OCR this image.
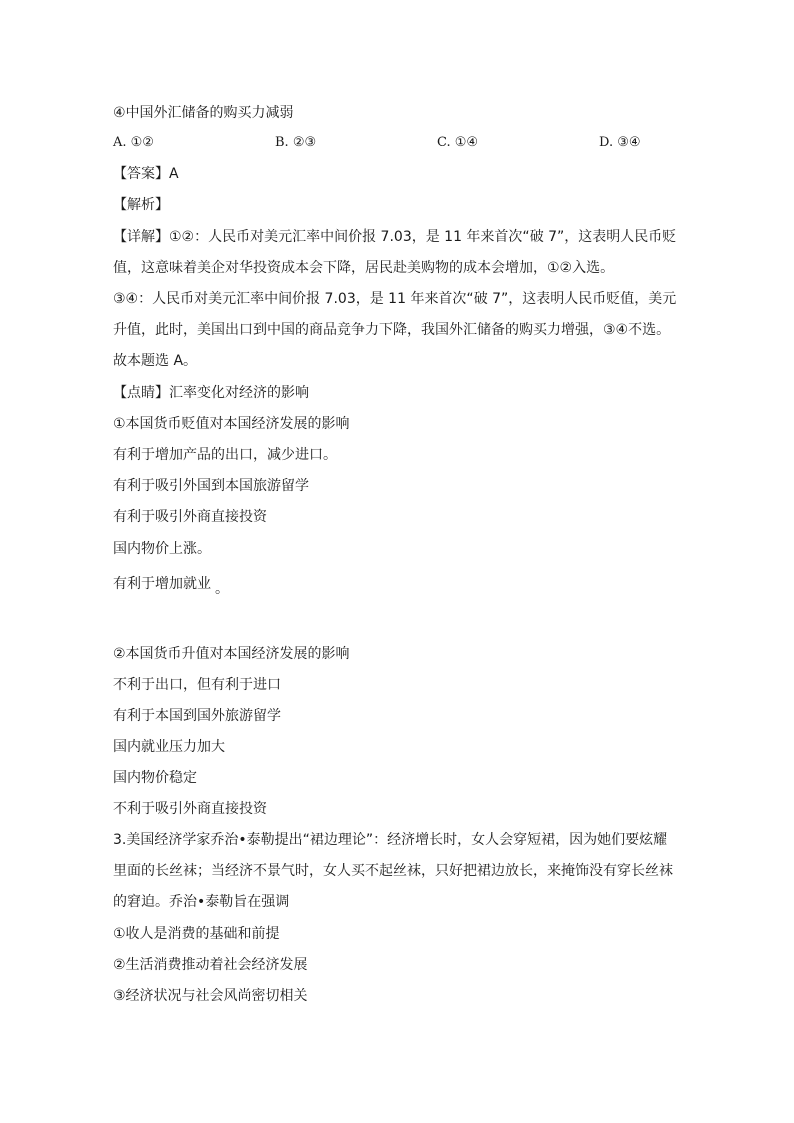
④中国外汇储备的购买力减弱
A. ①②	B. ②③	C. ①④	D. ③④
【答案】A
【解析】
【详解】①②：人民币对美元汇率中间价报 7.03，是 11 年来首次“破 7”，这表明人民币贬
值，这意味着美企对华投资成本会下降，居民赴美购物的成本会增加，①②入选。
③④：人民币对美元汇率中间价报 7.03，是 11 年来首次“破 7”，这表明人民币贬值，美元
升值，此时，美国出口到中国的商品竞争力下降，我国外汇储备的购买力增强，③④不选。
故本题选 A。
【点睛】汇率变化对经济的影响
①本国货币贬值对本国经济发展的影响
有利于增加产品的出口，减少进口。
有利于吸引外国到本国旅游留学
有利于吸引外商直接投资
国内物价上涨。
有利于增加就业 。
②本国货币升值对本国经济发展的影响
不利于出口，但有利于进口
有利于本国到国外旅游留学
国内就业压力加大
国内物价稳定
不利于吸引外商直接投资
3.美国经济学家乔治•泰勒提出“裙边理论”：经济增长时，女人会穿短裙，因为她们要炫耀
里面的长丝袜；当经济不景气时，女人买不起丝袜，只好把裙边放长，来掩饰没有穿长丝袜
的窘迫。乔治•泰勒旨在强调
①收人是消费的基础和前提
②生活消费推动着社会经济发展
③经济状况与社会风尚密切相关
